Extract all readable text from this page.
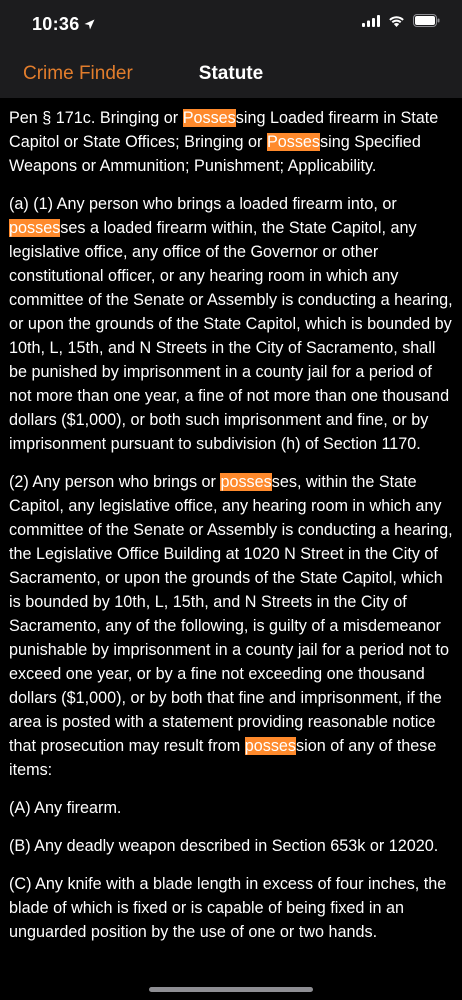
10:36
Crime Finder	Statute

Pen § 171c. Bringing or Possessing Loaded firearm in State Capitol or State Offices; Bringing or Possessing Specified Weapons or Ammunition; Punishment; Applicability.

(a) (1) Any person who brings a loaded firearm into, or possesses a loaded firearm within, the State Capitol, any legislative office, any office of the Governor or other constitutional officer, or any hearing room in which any committee of the Senate or Assembly is conducting a hearing, or upon the grounds of the State Capitol, which is bounded by 10th, L, 15th, and N Streets in the City of Sacramento, shall be punished by imprisonment in a county jail for a period of not more than one year, a fine of not more than one thousand dollars ($1,000), or both such imprisonment and fine, or by imprisonment pursuant to subdivision (h) of Section 1170.

(2) Any person who brings or possesses, within the State Capitol, any legislative office, any hearing room in which any committee of the Senate or Assembly is conducting a hearing, the Legislative Office Building at 1020 N Street in the City of Sacramento, or upon the grounds of the State Capitol, which is bounded by 10th, L, 15th, and N Streets in the City of Sacramento, any of the following, is guilty of a misdemeanor punishable by imprisonment in a county jail for a period not to exceed one year, or by a fine not exceeding one thousand dollars ($1,000), or by both that fine and imprisonment, if the area is posted with a statement providing reasonable notice that prosecution may result from possession of any of these items:

(A) Any firearm.

(B) Any deadly weapon described in Section 653k or 12020.

(C) Any knife with a blade length in excess of four inches, the blade of which is fixed or is capable of being fixed in an unguarded position by the use of one or two hands.
